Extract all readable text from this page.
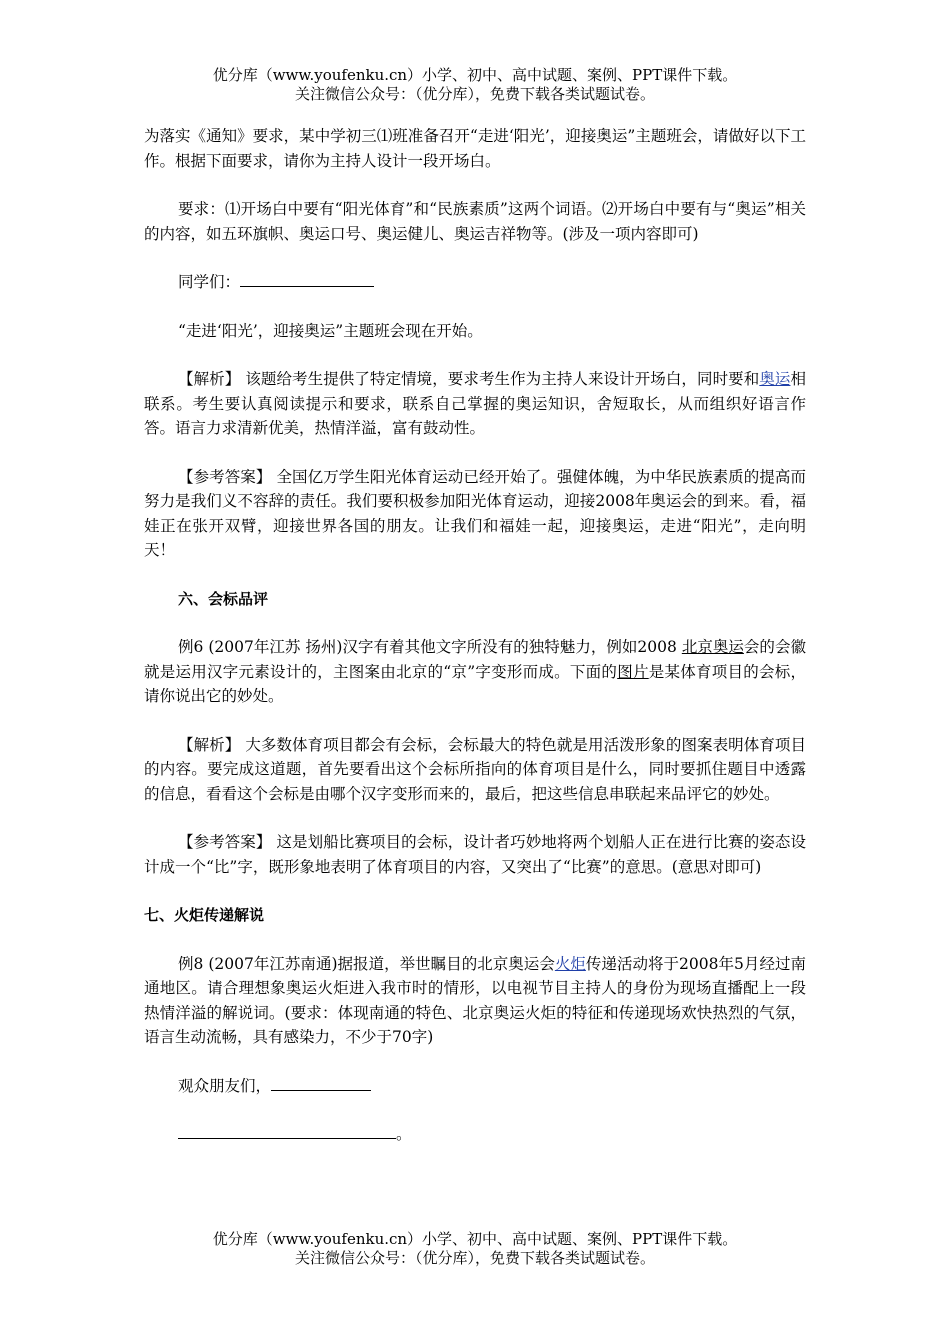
优分库（www.youfenku.cn）小学、初中、高中试题、案例、PPT课件下载。
关注微信公众号：（优分库），免费下载各类试题试卷。

为落实《通知》要求，某中学初三⑴班准备召开“走进‘阳光’，迎接奥运”主题班会，请做好以下工作。根据下面要求，请你为主持人设计一段开场白。

要求：⑴开场白中要有“阳光体育”和“民族素质”这两个词语。⑵开场白中要有与“奥运”相关的内容，如五环旗帜、奥运口号、奥运健儿、奥运吉祥物等。(涉及一项内容即可)

同学们：

“走进‘阳光’，迎接奥运”主题班会现在开始。

【解析】 该题给考生提供了特定情境，要求考生作为主持人来设计开场白，同时要和奥运相联系。考生要认真阅读提示和要求，联系自己掌握的奥运知识，舍短取长，从而组织好语言作答。语言力求清新优美，热情洋溢，富有鼓动性。

【参考答案】 全国亿万学生阳光体育运动已经开始了。强健体魄，为中华民族素质的提高而努力是我们义不容辞的责任。我们要积极参加阳光体育运动，迎接2008年奥运会的到来。看，福娃正在张开双臂，迎接世界各国的朋友。让我们和福娃一起，迎接奥运，走进“阳光”，走向明天！

六、会标品评

例6 (2007年江苏 扬州)汉字有着其他文字所没有的独特魅力，例如2008 北京奥运会的会徽就是运用汉字元素设计的，主图案由北京的“京”字变形而成。下面的图片是某体育项目的会标，请你说出它的妙处。

【解析】 大多数体育项目都会有会标，会标最大的特色就是用活泼形象的图案表明体育项目的内容。要完成这道题，首先要看出这个会标所指向的体育项目是什么，同时要抓住题目中透露的信息，看看这个会标是由哪个汉字变形而来的，最后，把这些信息串联起来品评它的妙处。

【参考答案】 这是划船比赛项目的会标，设计者巧妙地将两个划船人正在进行比赛的姿态设计成一个“比”字，既形象地表明了体育项目的内容，又突出了“比赛”的意思。(意思对即可)

七、火炬传递解说

例8 (2007年江苏南通)据报道，举世瞩目的北京奥运会火炬传递活动将于2008年5月经过南通地区。请合理想象奥运火炬进入我市时的情形，以电视节目主持人的身份为现场直播配上一段热情洋溢的解说词。(要求：体现南通的特色、北京奥运火炬的特征和传递现场欢快热烈的气氛，语言生动流畅，具有感染力，不少于70字)

观众朋友们，

。

优分库（www.youfenku.cn）小学、初中、高中试题、案例、PPT课件下载。
关注微信公众号：（优分库），免费下载各类试题试卷。
